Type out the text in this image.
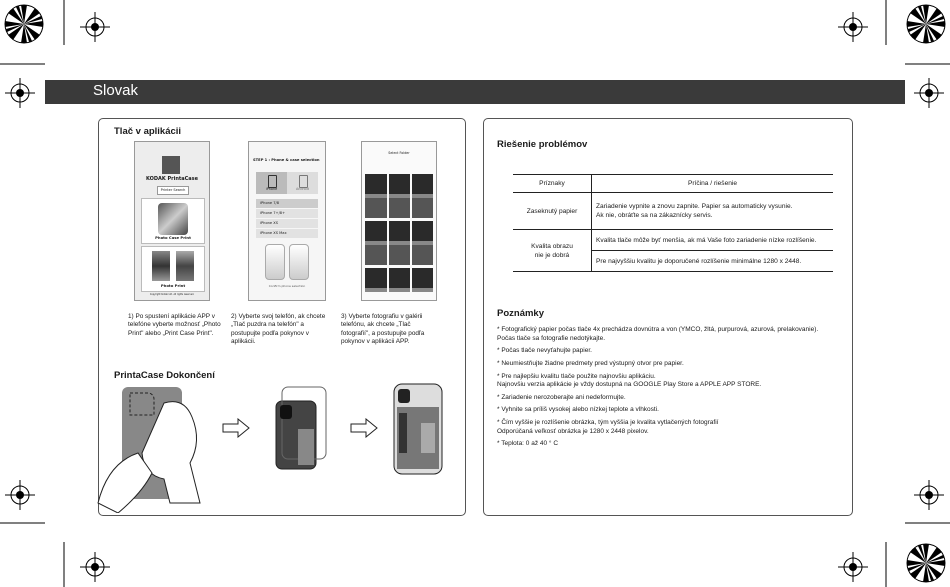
Slovak
Tlač v aplikácii
KODAK PrintaCase
Printer Search
Photo Case Print
Photo Print
Copyright Kodak Ltd. All rights reserved.
STEP 1 : Phone & case selection
iPhone	Android
iPhone 7/8
iPhone 7+/8+
iPhone XS
iPhone XS Max
Confirm phone selection
Select Folder
1) Po spustení aplikácie APP v telefóne vyberte možnosť „Photo Print" alebo „Print Case Print".
2) Vyberte svoj telefón, ak chcete „Tlač puzdra na telefón" a postupujte podľa pokynov v aplikácii.
3) Vyberte fotografiu v galérii telefónu, ak chcete „Tlač fotografií", a postupujte podľa pokynov v aplikácii APP.
PrintaCase Dokončení
Riešenie problémov
Príznaky	Príčina / riešenie
Zaseknutý papier	Zariadenie vypnite a znovu zapnite. Papier sa automaticky vysunie.
Ak nie, obráťte sa na zákaznícky servis.
Kvalita obrazu
nie je dobrá	Kvalita tlače môže byť menšia, ak má Vaše foto zariadenie nízke rozlíšenie.
	Pre najvyššiu kvalitu je doporučené rozlíšenie minimálne 1280 x 2448.
Poznámky
* Fotografický papier počas tlače 4x prechádza dovnútra a von (YMCO, žltá, purpurová, azurová, prelakovanie).
Počas tlače sa fotografie nedotýkajte.
* Počas tlače nevyťahujte papier.
* Neumiestňujte žiadne predmety pred výstupný otvor pre papier.
* Pre najlepšiu kvalitu tlače použite najnovšiu aplikáciu.
Najnovšiu verzia aplikácie je vždy dostupná na GOOGLE Play Store a APPLE APP STORE.
* Zariadenie nerozoberajte ani nedeformujte.
* Vyhnite sa príliš vysokej alebo nízkej teplote a vlhkosti.
* Čím vyššie je rozlíšenie obrázka, tým vyššia je kvalita vytlačených fotografií
Odporúčaná veľkosť obrázka je 1280 x 2448 pixelov.
* Teplota: 0 až 40 ° C
